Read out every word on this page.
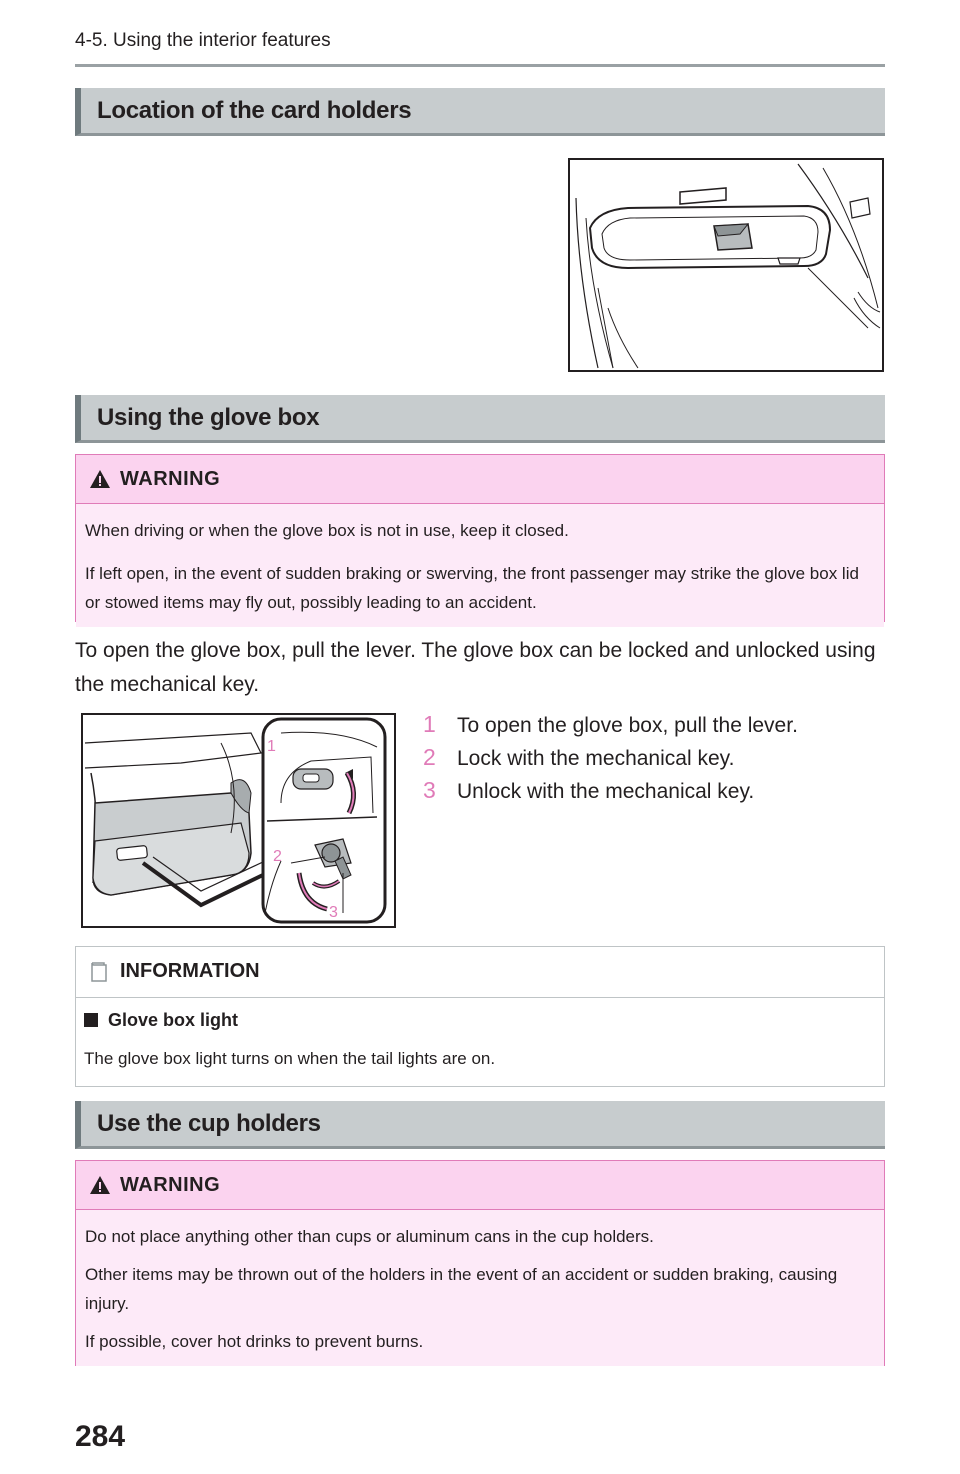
4-5. Using the interior features
Location of the card holders
Using the glove box
WARNING

When driving or when the glove box is not in use, keep it closed.

If left open, in the event of sudden braking or swerving, the front passenger may strike the glove box lid or stowed items may fly out, possibly leading to an accident.

To open the glove box, pull the lever. The glove box can be locked and unlocked using the mechanical key.

1
2
3
1 To open the glove box, pull the lever.
2 Lock with the mechanical key.
3 Unlock with the mechanical key.
INFORMATION

Glove box light

The glove box light turns on when the tail lights are on.

Use the cup holders
WARNING

Do not place anything other than cups or aluminum cans in the cup holders.

Other items may be thrown out of the holders in the event of an accident or sudden braking, causing injury.

If possible, cover hot drinks to prevent burns.

284
